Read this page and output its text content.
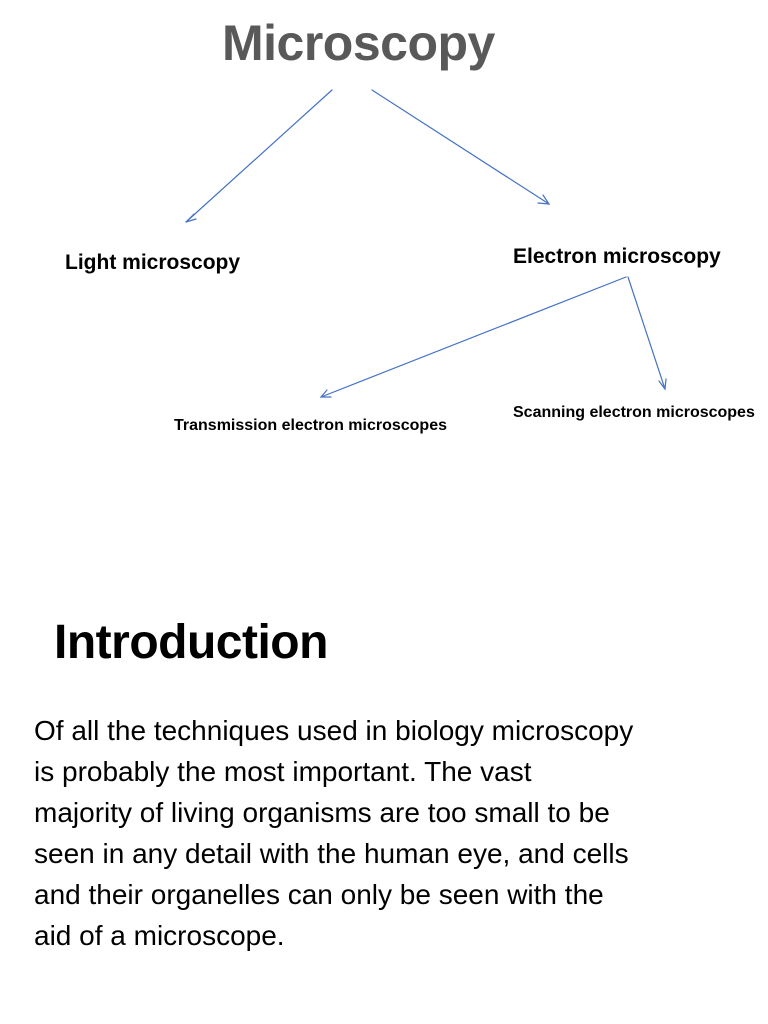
Microscopy
Light microscopy	Electron microscopy
Transmission electron microscopes
Scanning electron microscopes
Introduction
Of all the techniques used in biology microscopy is probably the most important. The vast majority of living organisms are too small to be seen in any detail with the human eye, and cells and their organelles can only be seen with the aid of a microscope.
